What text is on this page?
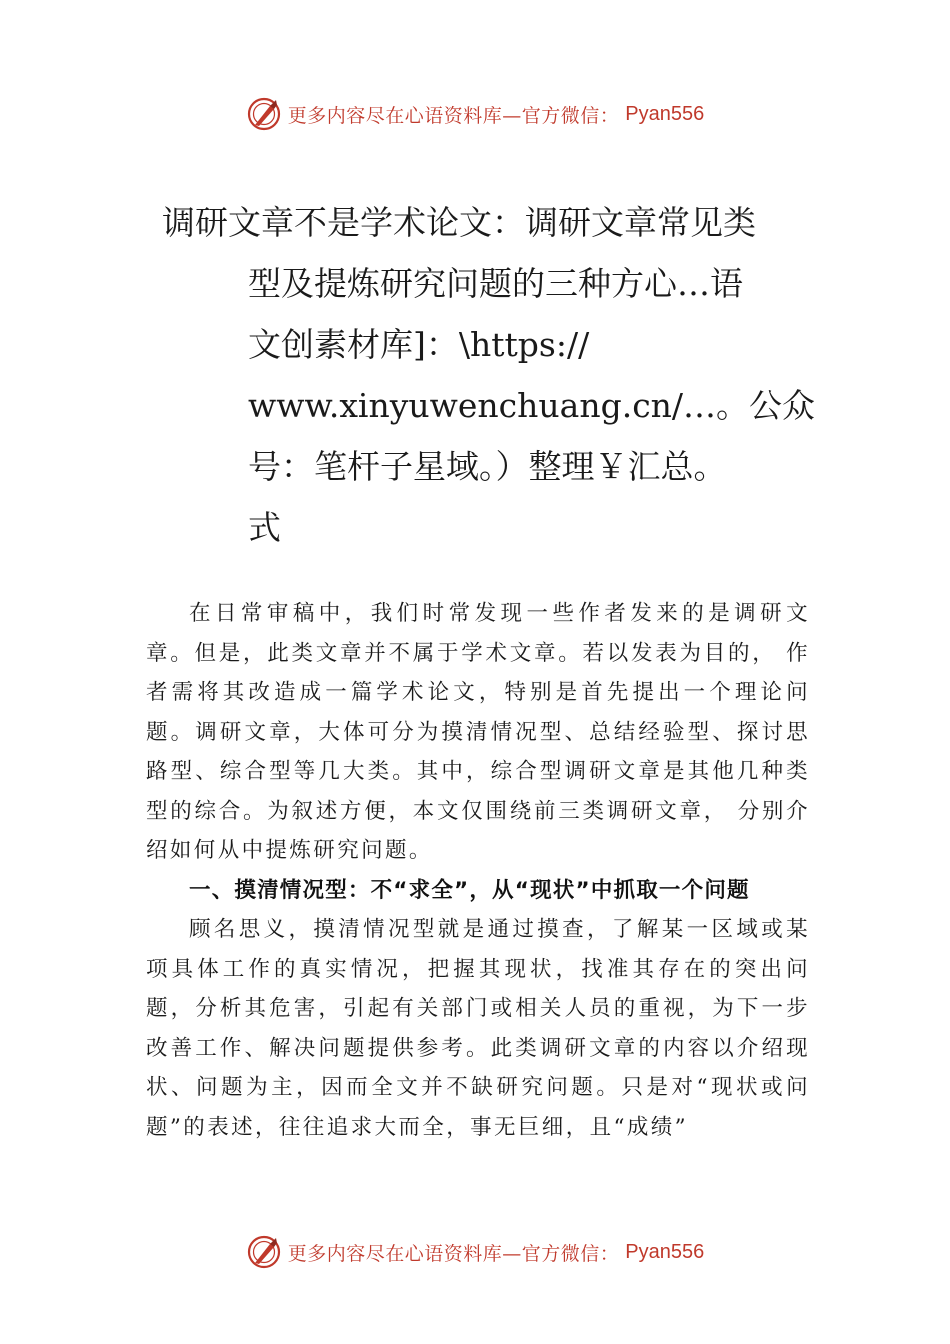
更多内容尽在心语资料库—官方微信： Pyan556
调研文章不是学术论文：调研文章常见类
型及提炼研究问题的三种方心…语
文创素材库]：\https://
www.xinyuwenchuang.cn/…。公众
号：笔杆子星域。）整理￥汇总。
式

在日常审稿中，我们时常发现一些作者发来的是调研文章。但是，此类文章并不属于学术文章。若以发表为目的， 作者需将其改造成一篇学术论文，特别是首先提出一个理论问题。调研文章，大体可分为摸清情况型、总结经验型、探讨思路型、综合型等几大类。其中，综合型调研文章是其他几种类型的综合。为叙述方便，本文仅围绕前三类调研文章， 分别介绍如何从中提炼研究问题。

一、摸清情况型：不“求全”，从“现状”中抓取一个问题

顾名思义，摸清情况型就是通过摸查，了解某一区域或某项具体工作的真实情况，把握其现状，找准其存在的突出问题，分析其危害，引起有关部门或相关人员的重视，为下一步改善工作、解决问题提供参考。此类调研文章的内容以介绍现状、问题为主，因而全文并不缺研究问题。只是对“现状或问题”的表述，往往追求大而全，事无巨细，且“成绩”

更多内容尽在心语资料库—官方微信： Pyan556
